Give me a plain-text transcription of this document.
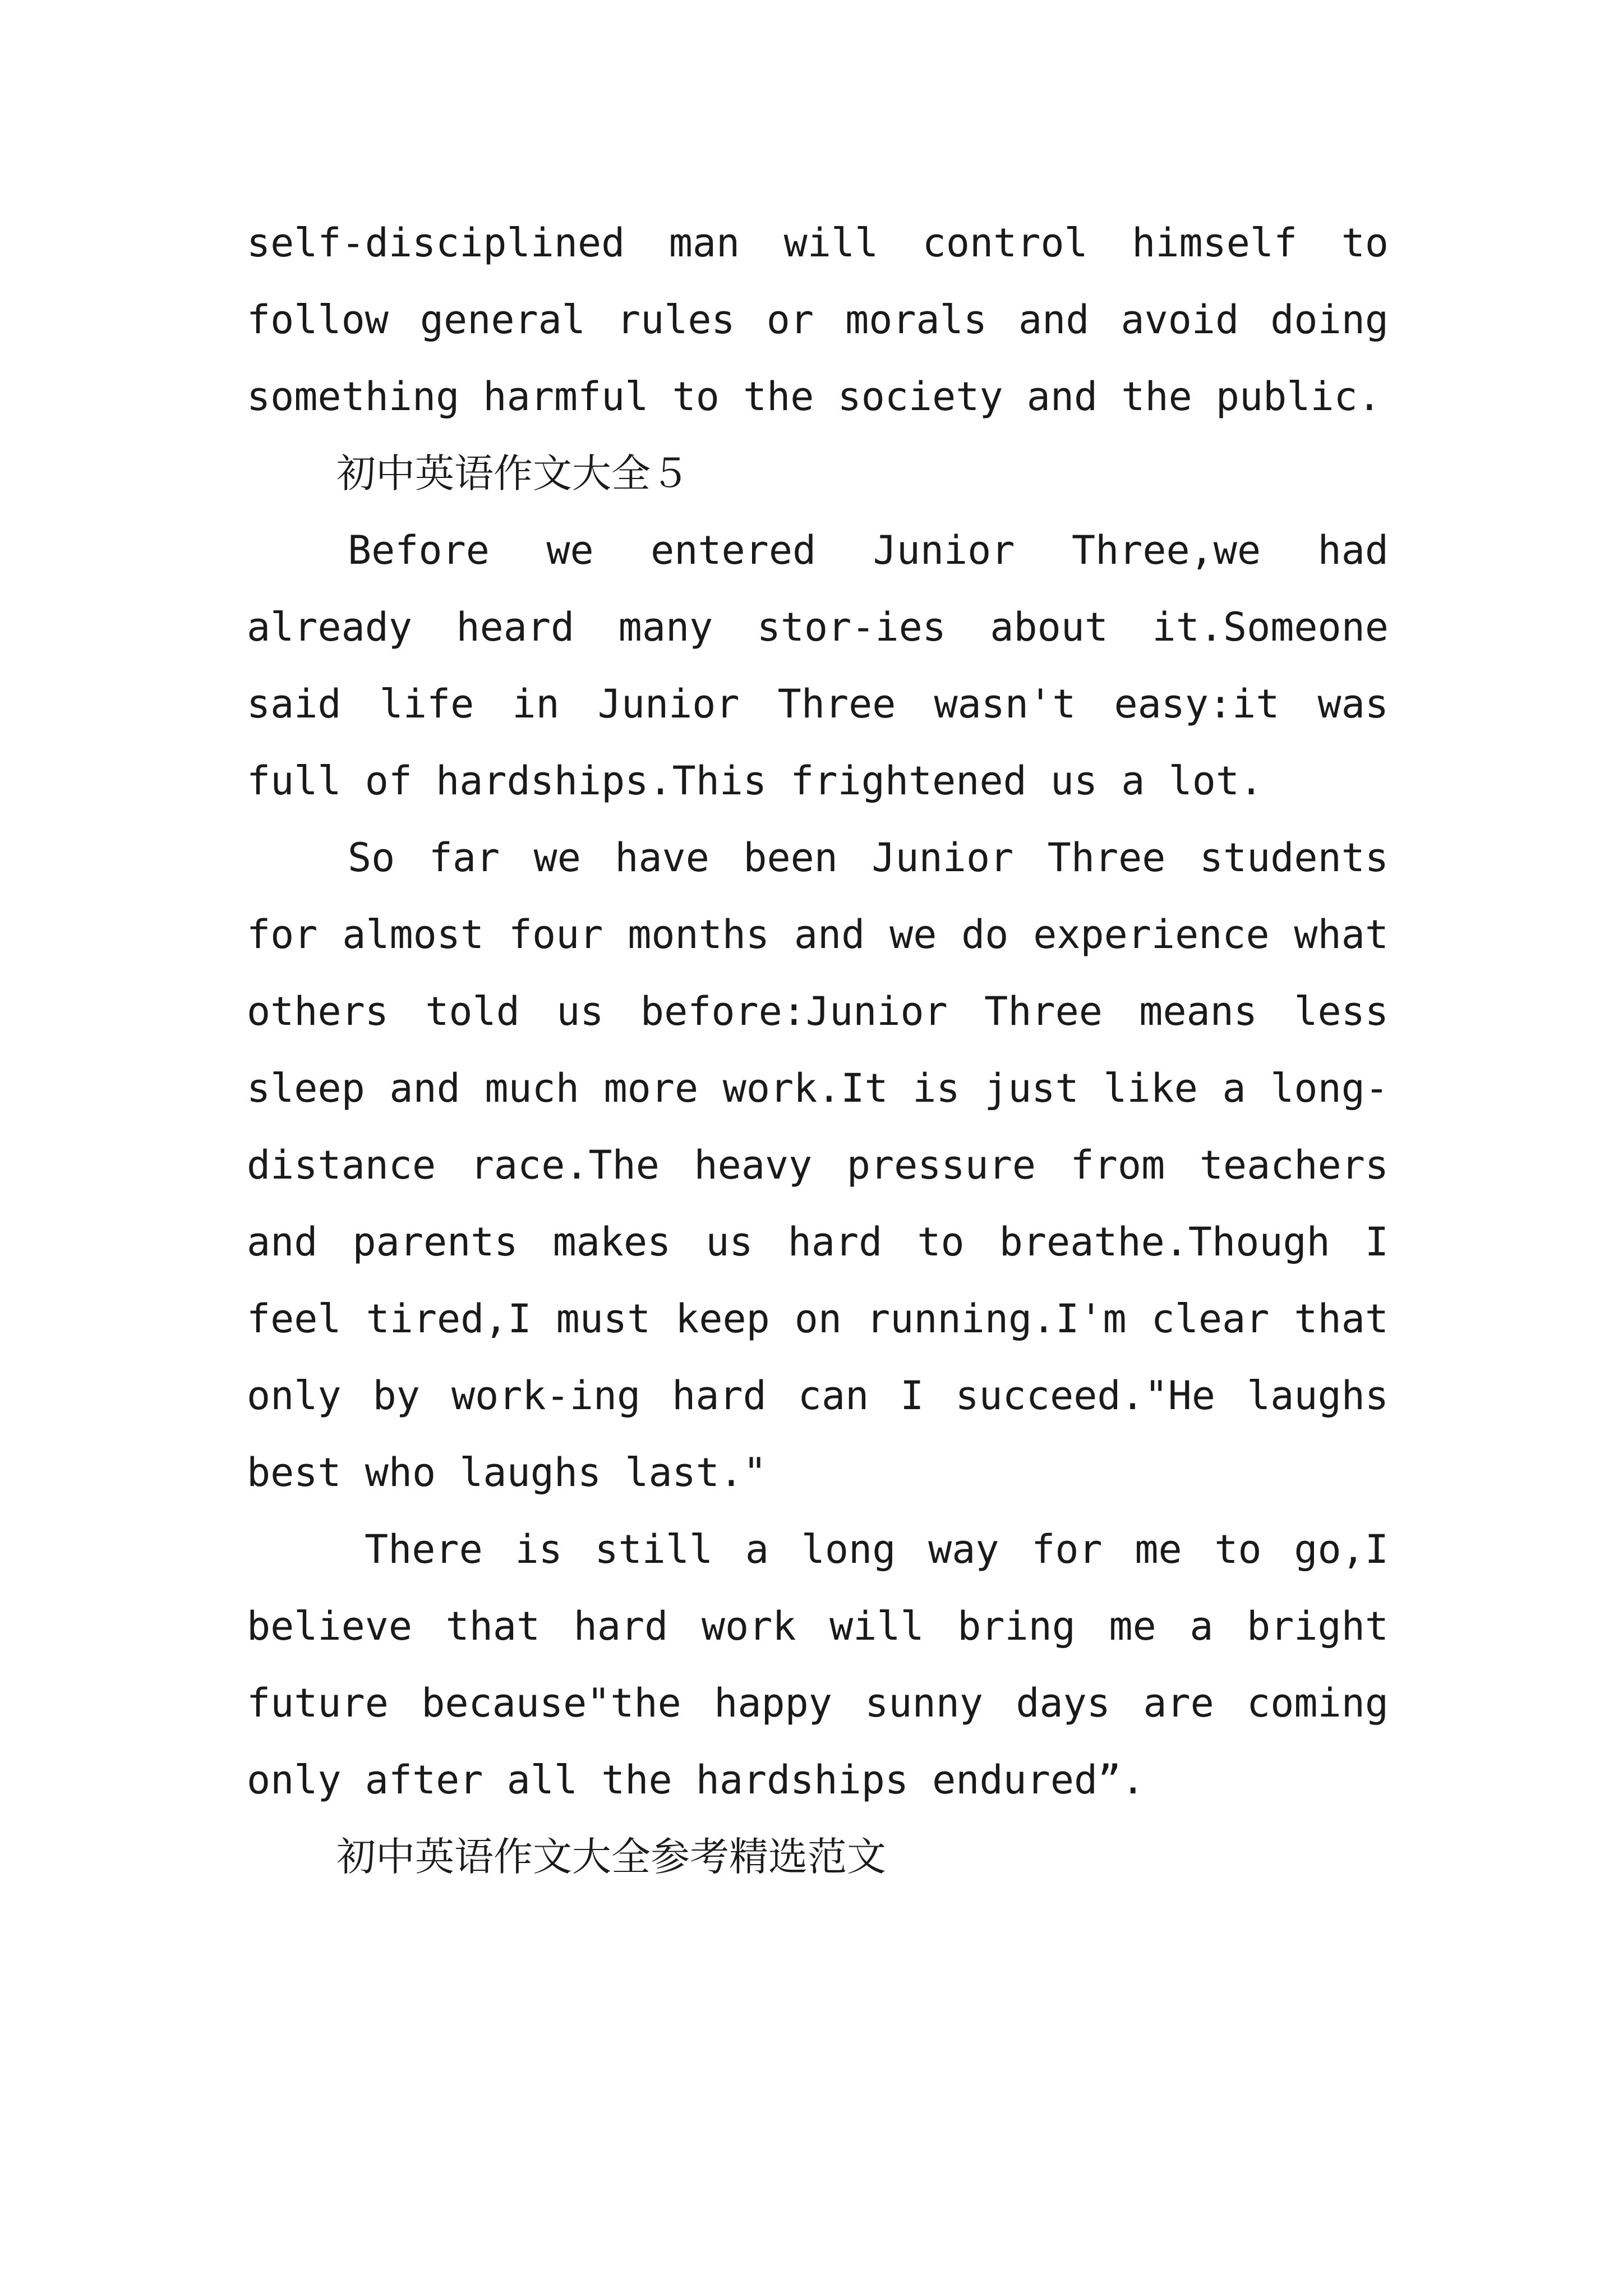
self-disciplined man will control himself to follow general rules or morals and avoid doing something harmful to the society and the public.

初中英语作文大全５

Before we entered Junior Three,we had already heard many stor-ies about it.Someone said life in Junior Three wasn't easy:it was full of hardships.This frightened us a lot.

So far we have been Junior Three students for almost four months and we do experience what others told us before:Junior Three means less sleep and much more work.It is just like a long-distance race.The heavy pressure from teachers and parents makes us hard to breathe.Though I feel tired,I must keep on running.I'm clear that only by work-ing hard can I succeed."He laughs best who laughs last."

There is still a long way for me to go,I believe that hard work will bring me a bright future because"the happy sunny days are coming only after all the hardships endured”.

初中英语作文大全参考精选范文
